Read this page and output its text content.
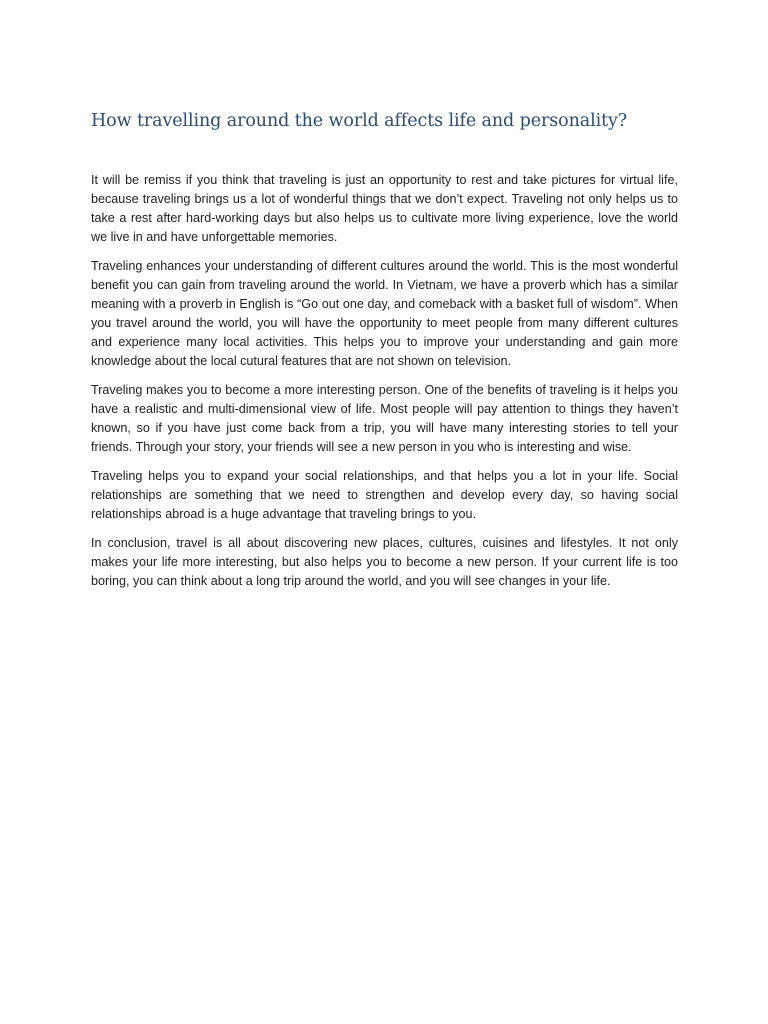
How travelling around the world affects life and personality?

It will be remiss if you think that traveling is just an opportunity to rest and take pictures for virtual life, because traveling brings us a lot of wonderful things that we don’t expect. Traveling not only helps us to take a rest after hard-working days but also helps us to cultivate more living experience, love the world we live in and have unforgettable memories.

Traveling enhances your understanding of different cultures around the world. This is the most wonderful benefit you can gain from traveling around the world. In Vietnam, we have a proverb which has a similar meaning with a proverb in English is “Go out one day, and comeback with a basket full of wisdom”. When you travel around the world, you will have the opportunity to meet people from many different cultures and experience many local activities. This helps you to improve your understanding and gain more knowledge about the local cutural features that are not shown on television.

Traveling makes you to become a more interesting person. One of the benefits of traveling is it helps you have a realistic and multi-dimensional view of life. Most people will pay attention to things they haven’t known, so if you have just come back from a trip, you will have many interesting stories to tell your friends. Through your story, your friends will see a new person in you who is interesting and wise.

Traveling helps you to expand your social relationships, and that helps you a lot in your life. Social relationships are something that we need to strengthen and develop every day, so having social relationships abroad is a huge advantage that traveling brings to you.

In conclusion, travel is all about discovering new places, cultures, cuisines and lifestyles. It not only makes your life more interesting, but also helps you to become a new person. If your current life is too boring, you can think about a long trip around the world, and you will see changes in your life.
